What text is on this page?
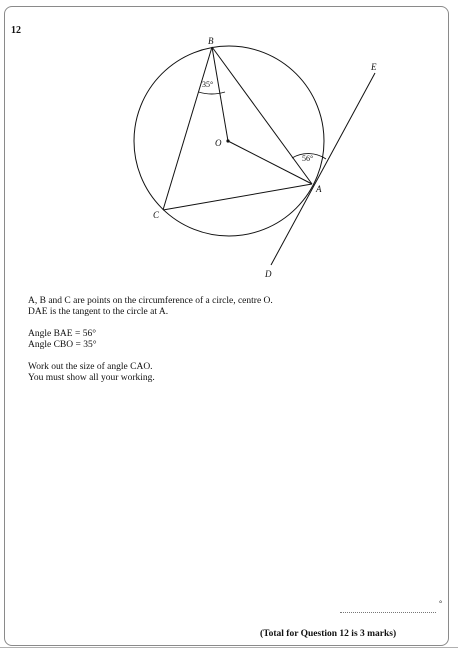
12
B
E
O
A
C
D
35°
56°

A, B and C are points on the circumference of a circle, centre O.

DAE is the tangent to the circle at A.

Angle BAE = 56°

Angle CBO = 35°

Work out the size of angle CAO.

You must show all your working.

°
(Total for Question 12 is 3 marks)
